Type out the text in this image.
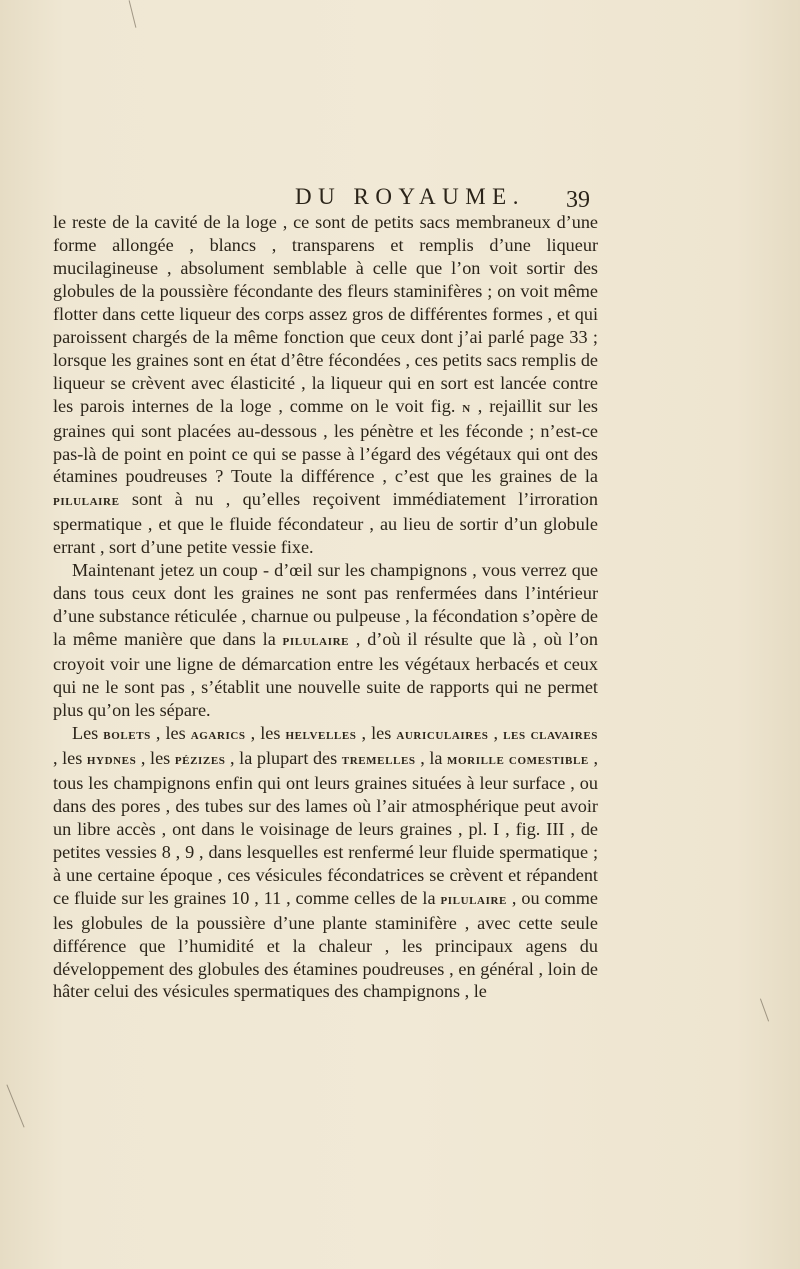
DU ROYAUME.	39

le reste de la cavité de la loge , ce sont de petits sacs membraneux d’une forme allongée , blancs , transparens et remplis d’une liqueur mucilagineuse , absolument semblable à celle que l’on voit sortir des globules de la poussière fécondante des fleurs staminifères ; on voit même flotter dans cette liqueur des corps assez gros de différentes formes , et qui paroissent chargés de la même fonction que ceux dont j’ai parlé page 33 ; lorsque les graines sont en état d’être fécondées , ces petits sacs remplis de liqueur se crèvent avec élasticité , la liqueur qui en sort est lancée contre les parois internes de la loge , comme on le voit fig. n , rejaillit sur les graines qui sont placées au-dessous , les pénètre et les féconde ; n’est-ce pas-là de point en point ce qui se passe à l’égard des végétaux qui ont des étamines poudreuses ? Toute la différence , c’est que les graines de la pilulaire sont à nu , qu’elles reçoivent immédiatement l’irroration spermatique , et que le fluide fécondateur , au lieu de sortir d’un globule errant , sort d’une petite vessie fixe.

Maintenant jetez un coup - d’œil sur les champignons , vous verrez que dans tous ceux dont les graines ne sont pas renfermées dans l’intérieur d’une substance réticulée , charnue ou pulpeuse , la fécondation s’opère de la même manière que dans la pilulaire , d’où il résulte que là , où l’on croyoit voir une ligne de démarcation entre les végétaux herbacés et ceux qui ne le sont pas , s’établit une nouvelle suite de rapports qui ne permet plus qu’on les sépare.

Les bolets , les agarics , les helvelles , les auriculaires , les clavaires , les hydnes , les pézizes , la plupart des tremelles , la morille comestible , tous les champignons enfin qui ont leurs graines situées à leur surface , ou dans des pores , des tubes sur des lames où l’air atmosphérique peut avoir un libre accès , ont dans le voisinage de leurs graines , pl. I , fig. III , de petites vessies 8 , 9 , dans lesquelles est renfermé leur fluide spermatique ; à une certaine époque , ces vésicules fécondatrices se crèvent et répandent ce fluide sur les graines 10 , 11 , comme celles de la pilulaire , ou comme les globules de la poussière d’une plante staminifère , avec cette seule différence que l’humidité et la chaleur , les principaux agens du développement des globules des étamines poudreuses , en général , loin de hâter celui des vésicules spermatiques des champignons , le
